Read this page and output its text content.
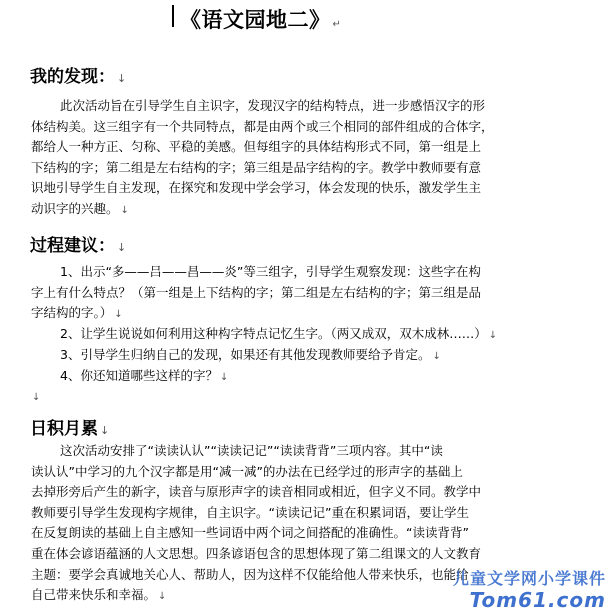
《语文园地二》 ↵
我的发现： ↓
此次活动旨在引导学生自主识字，发现汉字的结构特点，进一步感悟汉字的形
体结构美。这三组字有一个共同特点，都是由两个或三个相同的部件组成的合体字，
都给人一种方正、匀称、平稳的美感。但每组字的具体结构形式不同，第一组是上
下结构的字；第二组是左右结构的字；第三组是品字结构的字。教学中教师要有意
识地引导学生自主发现，在探究和发现中学会学习，体会发现的快乐，激发学生主
动识字的兴趣。 ↓
过程建议： ↓
1、出示“多——吕——昌——炎”等三组字，引导学生观察发现：这些字在构
字上有什么特点？（第一组是上下结构的字；第二组是左右结构的字；第三组是品
字结构的字。） ↓
2、让学生说说如何利用这种构字特点记忆生字。（两又成双，双木成林……） ↓
3、引导学生归纳自己的发现，如果还有其他发现教师要给予肯定。 ↓
4、你还知道哪些这样的字？ ↓
↓
日积月累 ↓
这次活动安排了“读读认认”“读读记记”“读读背背”三项内容。其中“读
读认认”中学习的九个汉字都是用“减一减”的办法在已经学过的形声字的基础上
去掉形旁后产生的新字，读音与原形声字的读音相同或相近，但字义不同。教学中
教师要引导学生发现构字规律，自主识字。“读读记记”重在积累词语，要让学生
在反复朗读的基础上自主感知一些词语中两个词之间搭配的准确性。“读读背背”
重在体会谚语蕴涵的人文思想。四条谚语包含的思想体现了第二组课文的人文教育
主题：要学会真诚地关心人、帮助人，因为这样不仅能给他人带来快乐，也能给
自己带来快乐和幸福。 ↓
儿童文学网小学课件
Tom61.com
